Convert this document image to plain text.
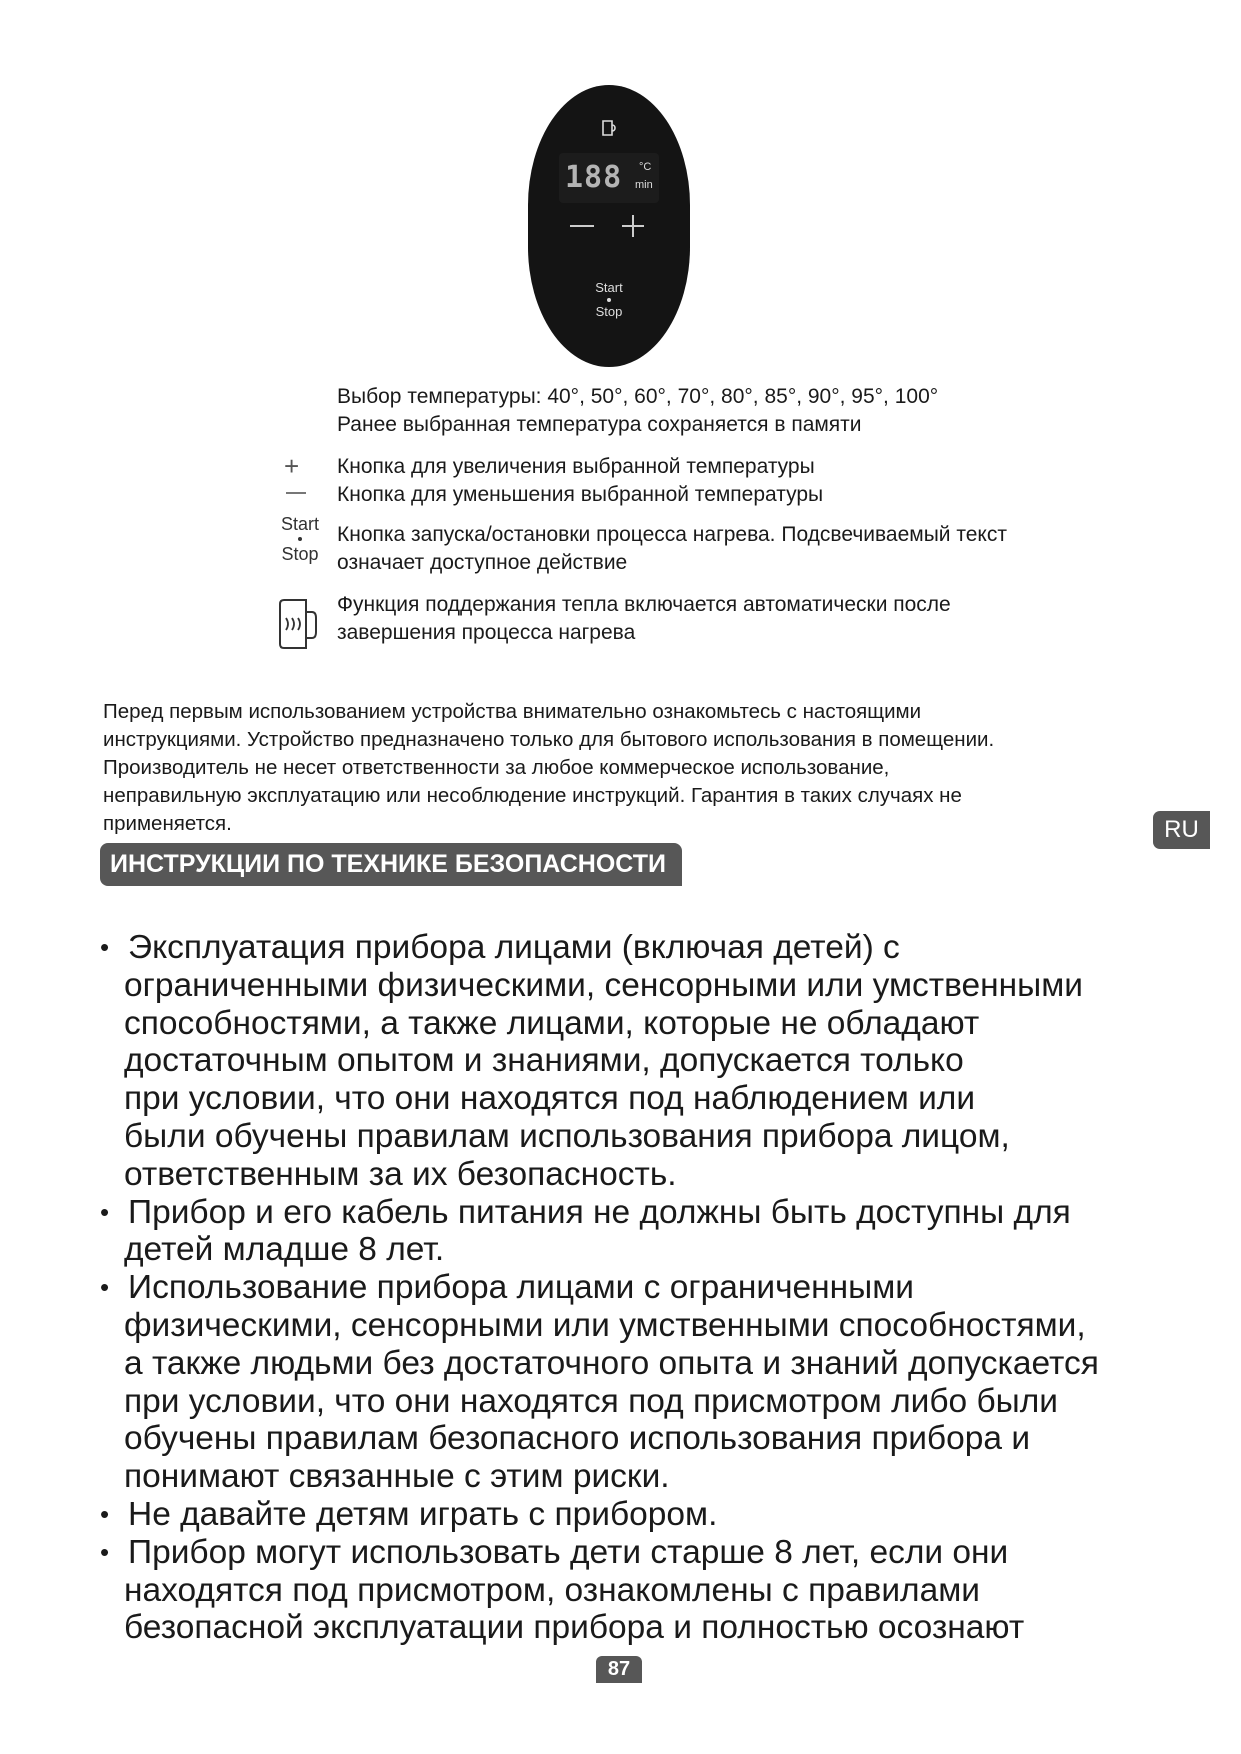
188 °C
min
Start
Stop
Выбор температуры: 40°, 50°, 60°, 70°, 80°, 85°, 90°, 95°, 100°
Ранее выбранная температура сохраняется в памяти
+ Кнопка для увеличения выбранной температуры
Кнопка для уменьшения выбранной температуры
Start
Stop
Кнопка запуска/остановки процесса нагрева. Подсвечиваемый текст
означает доступное действие
Функция поддержания тепла включается автоматически после
завершения процесса нагрева
Перед первым использованием устройства внимательно ознакомьтесь с настоящими
инструкциями. Устройство предназначено только для бытового использования в помещении.
Производитель не несет ответственности за любое коммерческое использование,
неправильную эксплуатацию или несоблюдение инструкций. Гарантия в таких случаях не
применяется.
ИНСТРУКЦИИ ПО ТЕХНИКЕ БЕЗОПАСНОСТИ
RU
• Эксплуатация прибора лицами (включая детей) с
ограниченными физическими, сенсорными или умственными
способностями, а также лицами, которые не обладают
достаточным опытом и знаниями, допускается только
при условии, что они находятся под наблюдением или
были обучены правилам использования прибора лицом,
ответственным за их безопасность.
• Прибор и его кабель питания не должны быть доступны для
детей младше 8 лет.
• Использование прибора лицами с ограниченными
физическими, сенсорными или умственными способностями,
а также людьми без достаточного опыта и знаний допускается
при условии, что они находятся под присмотром либо были
обучены правилам безопасного использования прибора и
понимают связанные с этим риски.
• Не давайте детям играть с прибором.
• Прибор могут использовать дети старше 8 лет, если они
находятся под присмотром, ознакомлены с правилами
безопасной эксплуатации прибора и полностью осознают
87
